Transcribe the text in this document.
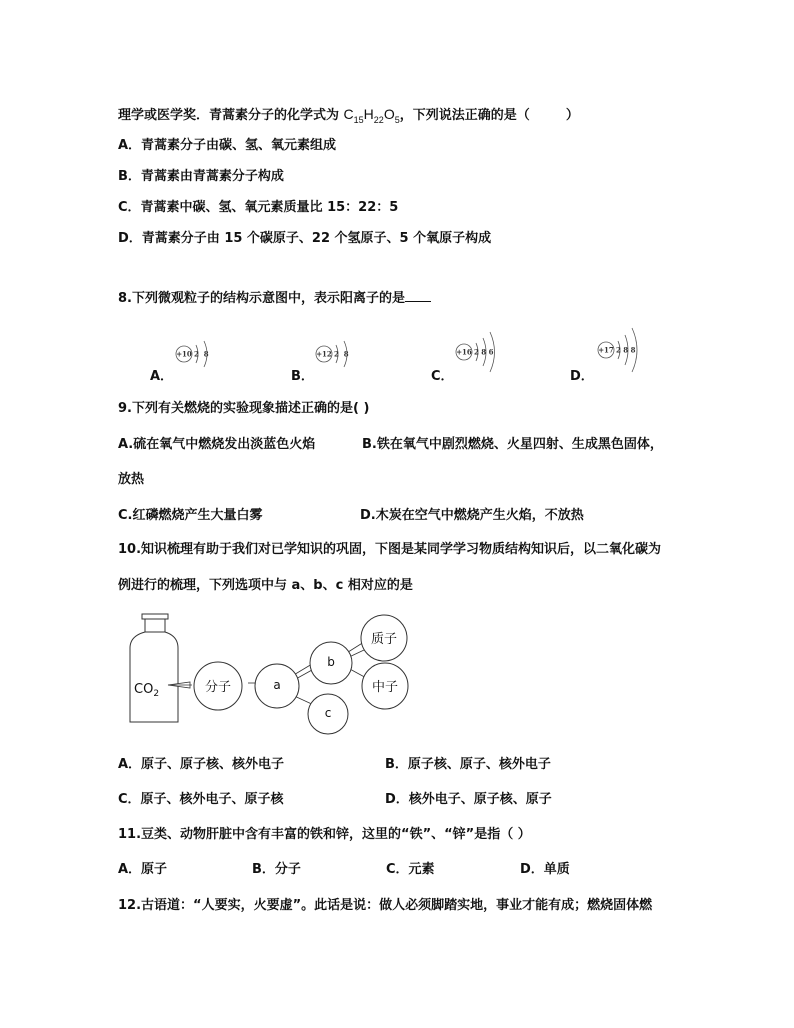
理学或医学奖．青蒿素分子的化学式为 $C_{15}H_{22}O_5$，下列说法正确的是（        ）
A．青蒿素分子由碳、氢、氧元素组成
B．青蒿素由青蒿素分子构成
C．青蒿素中碳、氢、氧元素质量比 15：22：5
D．青蒿素分子由 15 个碳原子、22 个氢原子、5 个氧原子构成
8.下列微观粒子的结构示意图中，表示阳离子的是
A．
+10 2  8
B．
+12 2  8
C．
+16 2 8 6
D．
+17 2 8 8
9.下列有关燃烧的实验现象描述正确的是( )
A.硫在氧气中燃烧发出淡蓝色火焰	B.铁在氧气中剧烈燃烧、火星四射、生成黑色固体，
放热
C.红磷燃烧产生大量白雾	D.木炭在空气中燃烧产生火焰，不放热
10.知识梳理有助于我们对已学知识的巩固，下图是某同学学习物质结构知识后，以二氧化碳为
例进行的梳理，下列选项中与 a、b、c 相对应的是
$CO_2$	分子	a
b
c
质子
中子
A．原子、原子核、核外电子	B．原子核、原子、核外电子
C．原子、核外电子、原子核	D．核外电子、原子核、原子
11.豆类、动物肝脏中含有丰富的铁和锌，这里的“铁”、“锌”是指（ ）
A．原子	B．分子	C．元素	D．单质
12.古语道：“人要实，火要虚”。此话是说：做人必须脚踏实地，事业才能有成；燃烧固体燃
